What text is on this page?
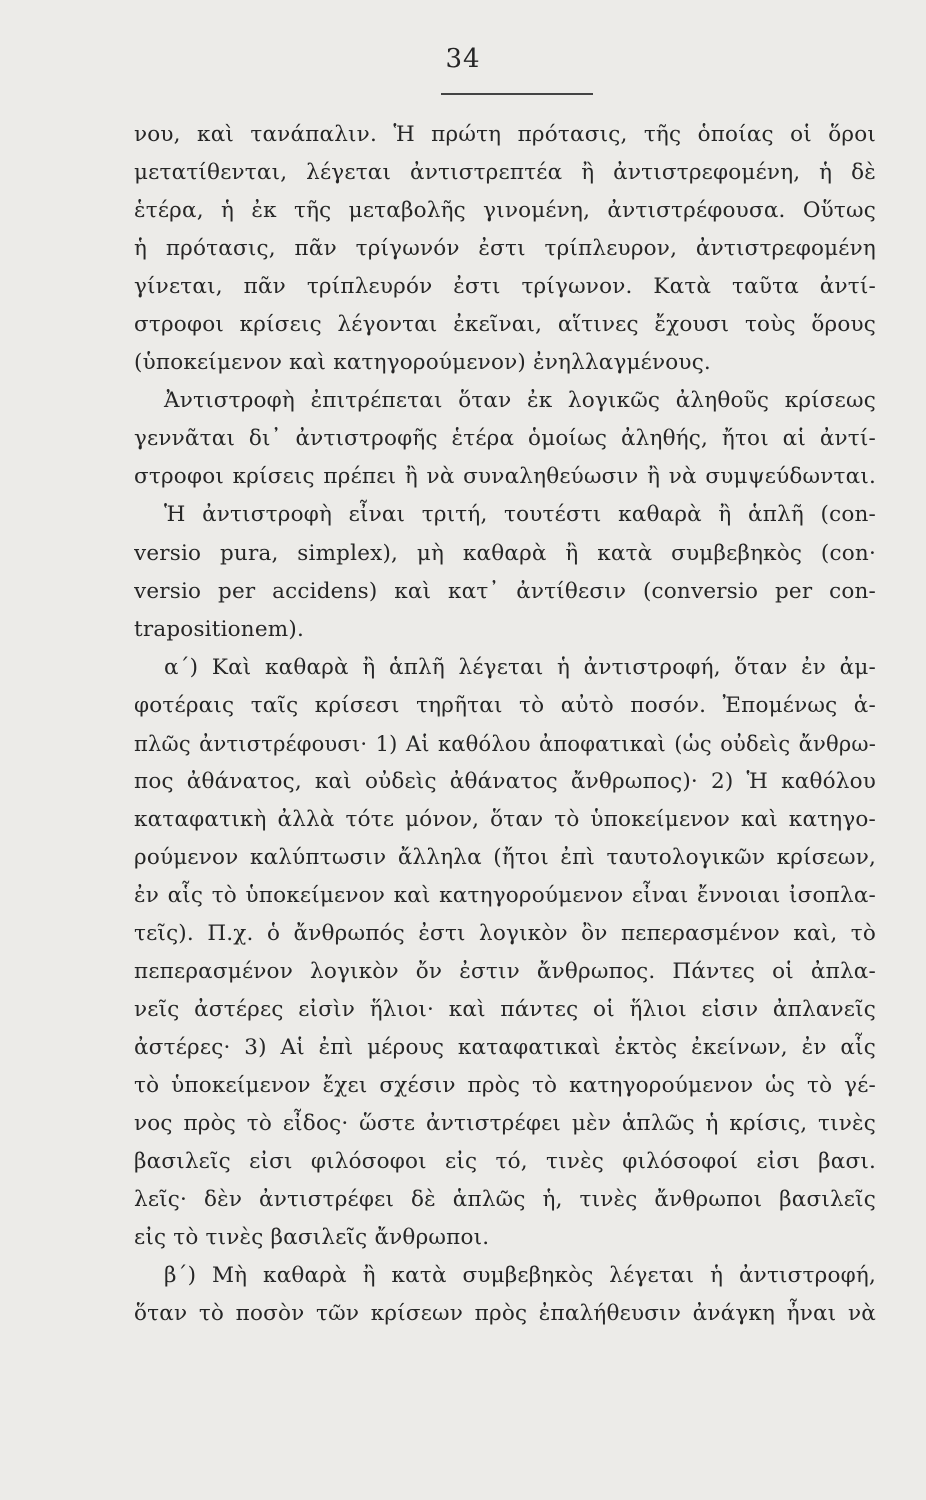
34
νου, καὶ τανάπαλιν. Ἡ πρώτη πρότασις, τῆς ὁποίας οἱ ὅροι
μετατίθενται, λέγεται ἀντιστρεπτέα ἢ ἀντιστρεφομένη, ἡ δὲ
ἑτέρα, ἡ ἐκ τῆς μεταβολῆς γινομένη, ἀντιστρέφουσα. Οὕτως
ἡ πρότασις, πᾶν τρίγωνόν ἐστι τρίπλευρον, ἀντιστρεφομένη
γίνεται, πᾶν τρίπλευρόν ἐστι τρίγωνον. Κατὰ ταῦτα ἀντί-
στροφοι κρίσεις λέγονται ἐκεῖναι, αἵτινες ἔχουσι τοὺς ὅρους
(ὑποκείμενον καὶ κατηγορούμενον) ἐνηλλαγμένους.
Ἀντιστροφὴ ἐπιτρέπεται ὅταν ἐκ λογικῶς ἀληθοῦς κρίσεως
γεννᾶται δι᾽ ἀντιστροφῆς ἑτέρα ὁμοίως ἀληθής, ἤτοι αἱ ἀντί-
στροφοι κρίσεις πρέπει ἢ νὰ συναληθεύωσιν ἢ νὰ συμψεύδωνται.
Ἡ ἀντιστροφὴ εἶναι τριτή, τουτέστι καθαρὰ ἢ ἁπλῆ (con-
versio pura, simplex), μὴ καθαρὰ ἢ κατὰ συμβεβηκὸς (con·
versio per accidens) καὶ κατ᾽ ἀντίθεσιν (conversio per con-
trapositionem).
α´) Καὶ καθαρὰ ἢ ἁπλῆ λέγεται ἡ ἀντιστροφή, ὅταν ἐν ἀμ-
φοτέραις ταῖς κρίσεσι τηρῆται τὸ αὐτὸ ποσόν. Ἐπομένως ἁ-
πλῶς ἀντιστρέφουσι· 1) Αἱ καθόλου ἀποφατικαὶ (ὡς οὐδεὶς ἄνθρω-
πος ἀθάνατος, καὶ οὐδεὶς ἀθάνατος ἄνθρωπος)· 2) Ἡ καθόλου
καταφατικὴ ἀλλὰ τότε μόνον, ὅταν τὸ ὑποκείμενον καὶ κατηγο-
ρούμενον καλύπτωσιν ἄλληλα (ἤτοι ἐπὶ ταυτολογικῶν κρίσεων,
ἐν αἷς τὸ ὑποκείμενον καὶ κατηγορούμενον εἶναι ἔννοιαι ἰσοπλα-
τεῖς). Π.χ. ὁ ἄνθρωπός ἐστι λογικὸν ὂν πεπερασμένον καὶ, τὸ
πεπερασμένον λογικὸν ὄν ἐστιν ἄνθρωπος. Πάντες οἱ ἀπλα-
νεῖς ἀστέρες εἰσὶν ἥλιοι· καὶ πάντες οἱ ἥλιοι εἰσιν ἀπλανεῖς
ἀστέρες· 3) Αἱ ἐπὶ μέρους καταφατικαὶ ἐκτὸς ἐκείνων, ἐν αἷς
τὸ ὑποκείμενον ἔχει σχέσιν πρὸς τὸ κατηγορούμενον ὡς τὸ γέ-
νος πρὸς τὸ εἶδος· ὥστε ἀντιστρέφει μὲν ἁπλῶς ἡ κρίσις, τινὲς
βασιλεῖς εἰσι φιλόσοφοι εἰς τό, τινὲς φιλόσοφοί εἰσι βασι.
λεῖς· δὲν ἀντιστρέφει δὲ ἁπλῶς ἡ, τινὲς ἄνθρωποι βασιλεῖς
εἰς τὸ τινὲς βασιλεῖς ἄνθρωποι.
β´) Μὴ καθαρὰ ἢ κατὰ συμβεβηκὸς λέγεται ἡ ἀντιστροφή,
ὅταν τὸ ποσὸν τῶν κρίσεων πρὸς ἐπαλήθευσιν ἀνάγκη ἦναι νὰ
